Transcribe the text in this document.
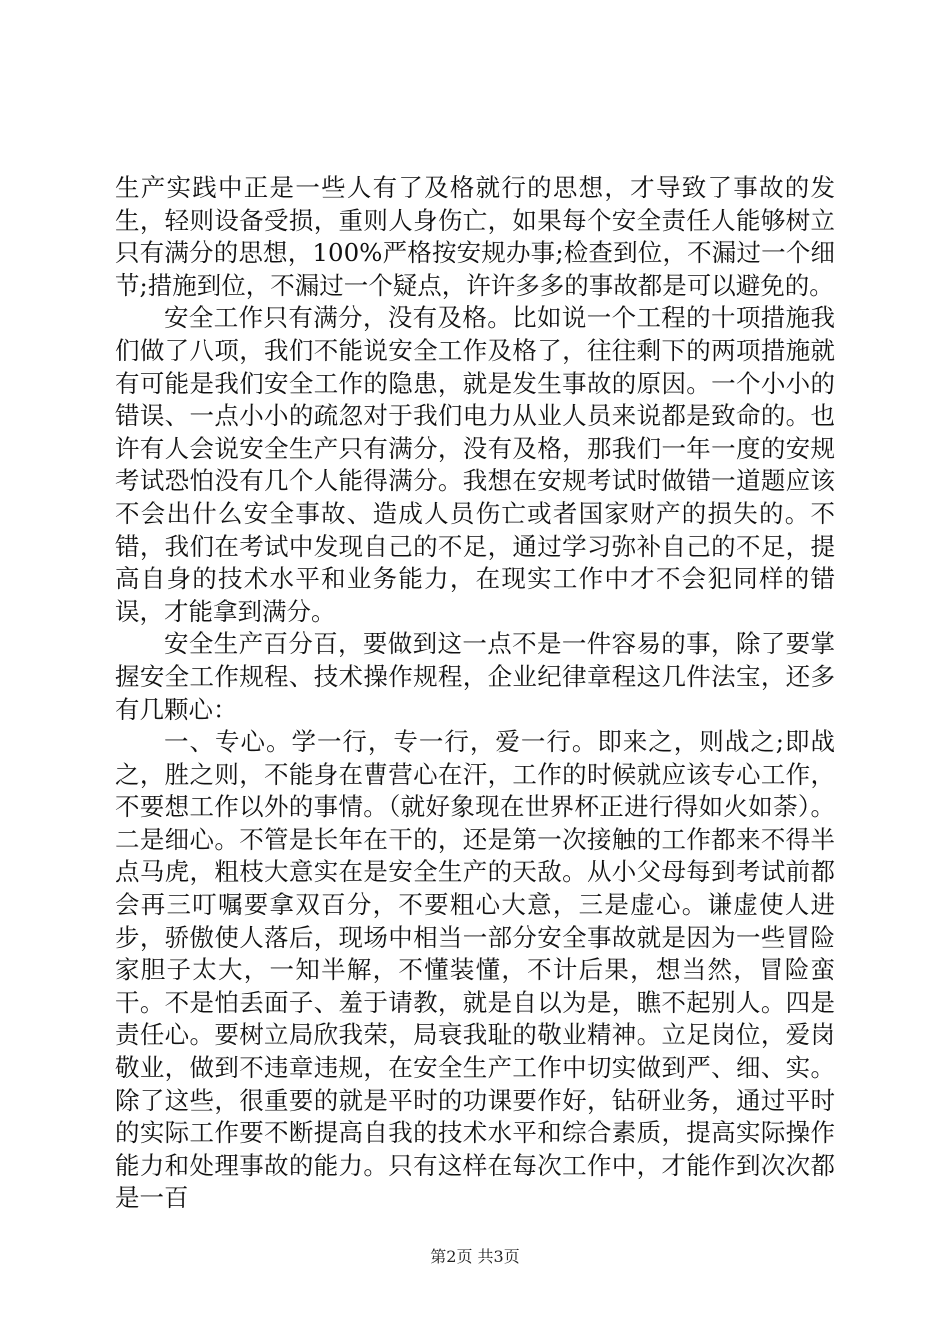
生产实践中正是一些人有了及格就行的思想，才导致了事故的发生，轻则设备受损，重则人身伤亡，如果每个安全责任人能够树立只有满分的思想，100%严格按安规办事;检查到位，不漏过一个细节;措施到位，不漏过一个疑点，许许多多的事故都是可以避免的。

安全工作只有满分，没有及格。比如说一个工程的十项措施我们做了八项，我们不能说安全工作及格了，往往剩下的两项措施就有可能是我们安全工作的隐患，就是发生事故的原因。一个小小的错误、一点小小的疏忽对于我们电力从业人员来说都是致命的。也许有人会说安全生产只有满分，没有及格，那我们一年一度的安规考试恐怕没有几个人能得满分。我想在安规考试时做错一道题应该不会出什么安全事故、造成人员伤亡或者国家财产的损失的。不错，我们在考试中发现自己的不足，通过学习弥补自己的不足，提高自身的技术水平和业务能力，在现实工作中才不会犯同样的错误，才能拿到满分。

安全生产百分百，要做到这一点不是一件容易的事，除了要掌握安全工作规程、技术操作规程，企业纪律章程这几件法宝，还多有几颗心：

一、专心。学一行，专一行，爱一行。即来之，则战之;即战之，胜之则，不能身在曹营心在汗，工作的时候就应该专心工作，不要想工作以外的事情。（就好象现在世界杯正进行得如火如荼）。二是细心。不管是长年在干的，还是第一次接触的工作都来不得半点马虎，粗枝大意实在是安全生产的天敌。从小父母每到考试前都会再三叮嘱要拿双百分，不要粗心大意，三是虚心。谦虚使人进步，骄傲使人落后，现场中相当一部分安全事故就是因为一些冒险家胆子太大，一知半解，不懂装懂，不计后果，想当然，冒险蛮干。不是怕丢面子、羞于请教，就是自以为是，瞧不起别人。四是责任心。要树立局欣我荣，局衰我耻的敬业精神。立足岗位，爱岗敬业，做到不违章违规，在安全生产工作中切实做到严、细、实。除了这些，很重要的就是平时的功课要作好，钻研业务，通过平时的实际工作要不断提高自我的技术水平和综合素质，提高实际操作能力和处理事故的能力。只有这样在每次工作中，才能作到次次都是一百

第2页 共3页
